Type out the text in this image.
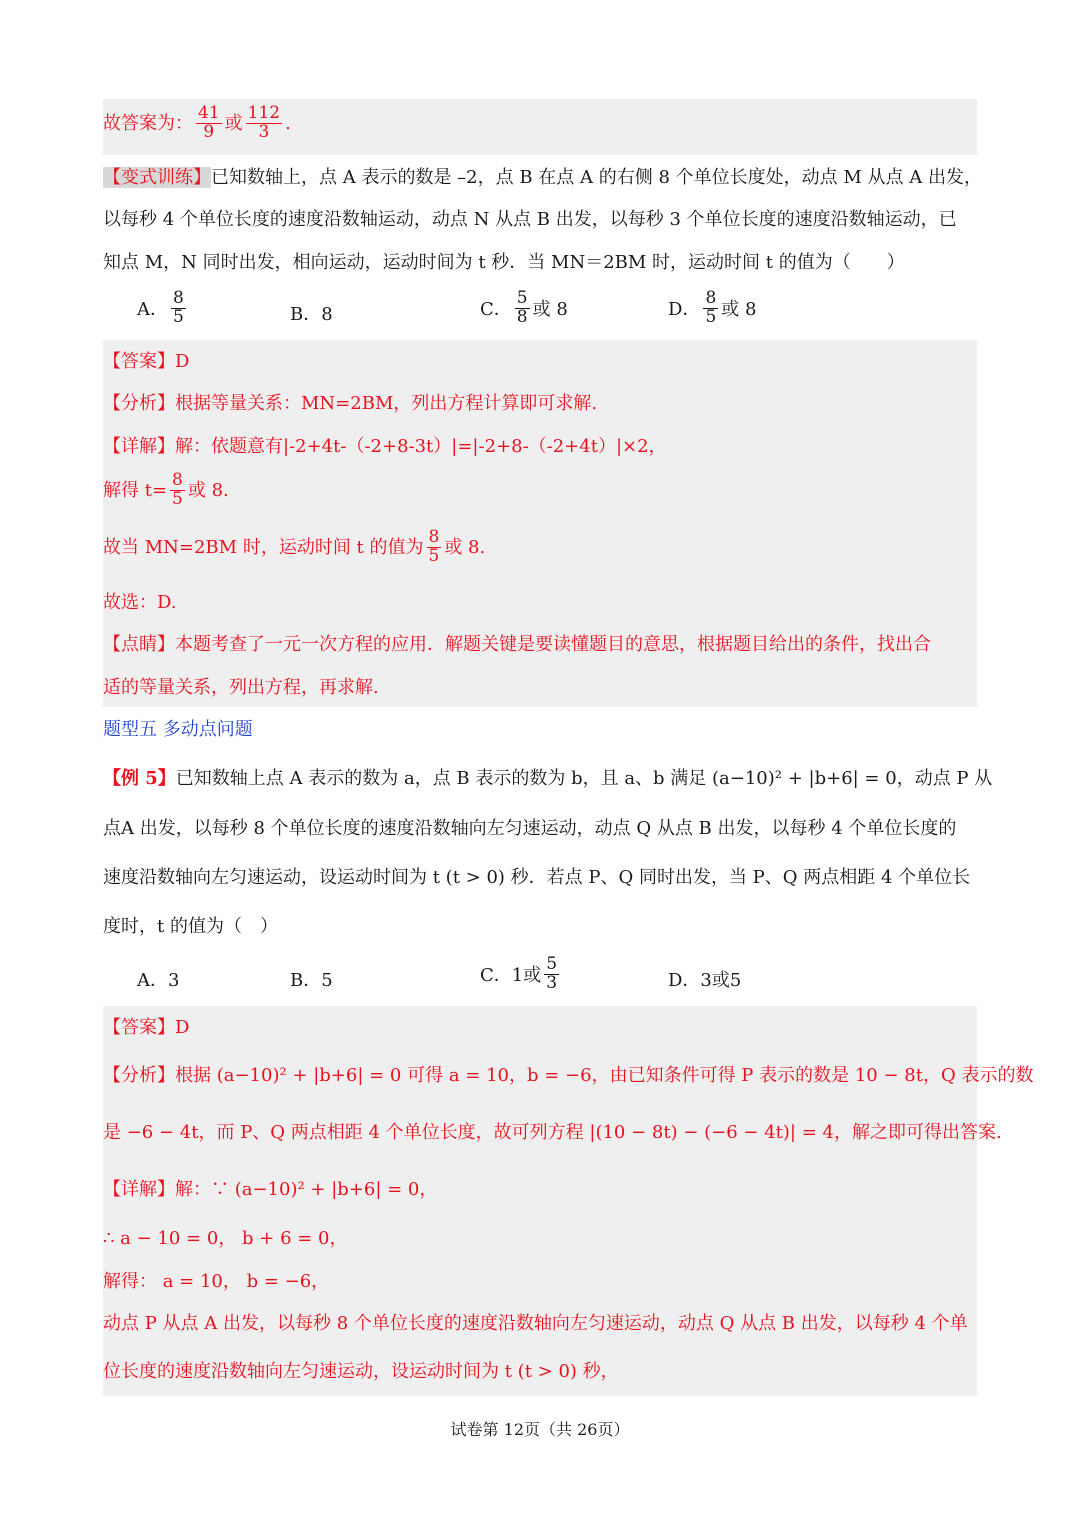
故答案为： $\frac{41}{9}$ 或 $\frac{112}{3}$ .
【变式训练】已知数轴上，点 A 表示的数是 –2，点 B 在点 A 的右侧 8 个单位长度处，动点 M 从点 A 出发，
以每秒 4 个单位长度的速度沿数轴运动，动点 N 从点 B 出发，以每秒 3 个单位长度的速度沿数轴运动，已
知点 M，N 同时出发，相向运动，运动时间为 t 秒．当 MN＝2BM 时，运动时间 t 的值为（　　）
A． $\frac{8}{5}$	B．8	C． $\frac{5}{8}$ 或 8	D． $\frac{8}{5}$ 或 8
【答案】D
【分析】根据等量关系：MN=2BM，列出方程计算即可求解.
【详解】解：依题意有|-2+4t-（-2+8-3t）|=|-2+8-（-2+4t）|×2，
解得 $t= \frac{8}{5}$ 或 8.
故当 MN=2BM 时，运动时间 t 的值为 $\frac{8}{5}$ 或 8.
故选：D.
【点睛】本题考查了一元一次方程的应用．解题关键是要读懂题目的意思，根据题目给出的条件，找出合
适的等量关系，列出方程，再求解.
题型五 多动点问题
【例 5】已知数轴上点 A 表示的数为 a，点 B 表示的数为 b，且 a、b 满足 (a−10)² + |b+6| = 0，动点 P 从
点A 出发，以每秒 8 个单位长度的速度沿数轴向左匀速运动，动点 Q 从点 B 出发，以每秒 4 个单位长度的
速度沿数轴向左匀速运动，设运动时间为 t (t > 0) 秒．若点 P、Q 同时出发，当 P、Q 两点相距 4 个单位长
度时，t 的值为（　）
A．3	B．5	C．1或 $\frac{5}{3}$	D．3或5
【答案】D
【分析】根据 (a−10)² + |b+6| = 0 可得 a = 10，b = −6，由已知条件可得 P 表示的数是 10 − 8t，Q 表示的数
是 −6 − 4t，而 P、Q 两点相距 4 个单位长度，故可列方程 |(10 − 8t) − (−6 − 4t)| = 4，解之即可得出答案.
【详解】解：∵ (a−10)² + |b+6| = 0，
∴ a − 10 = 0， b + 6 = 0，
解得： a = 10， b = −6，
动点 P 从点 A 出发，以每秒 8 个单位长度的速度沿数轴向左匀速运动，动点 Q 从点 B 出发，以每秒 4 个单
位长度的速度沿数轴向左匀速运动，设运动时间为 t (t > 0) 秒，
试卷第 12页（共 26页）
